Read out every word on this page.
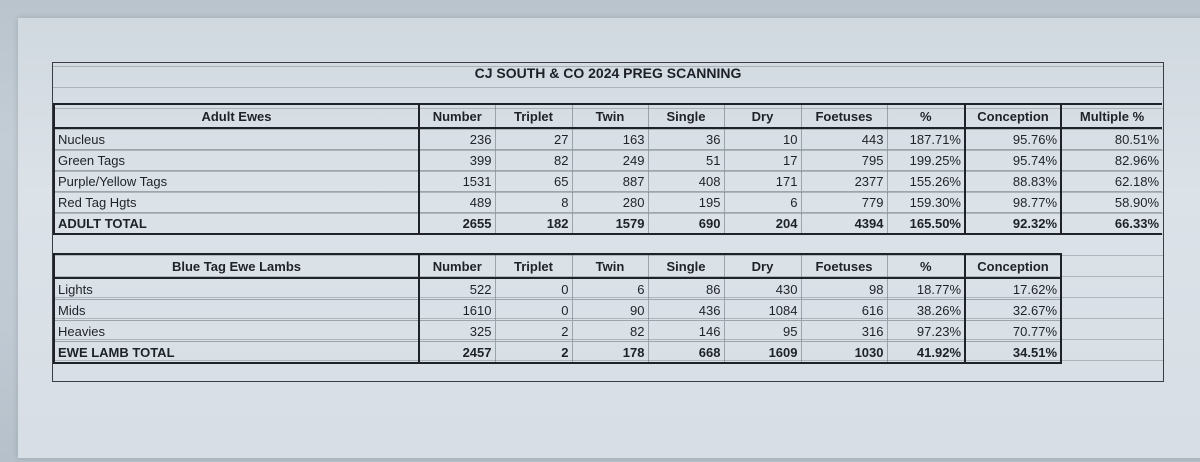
CJ SOUTH & CO 2024 PREG SCANNING
Adult Ewes	Number	Triplet	Twin	Single	Dry	Foetuses	%	Conception	Multiple %
Nucleus	236	27	163	36	10	443	187.71%	95.76%	80.51%
Green Tags	399	82	249	51	17	795	199.25%	95.74%	82.96%
Purple/Yellow Tags	1531	65	887	408	171	2377	155.26%	88.83%	62.18%
Red Tag Hgts	489	8	280	195	6	779	159.30%	98.77%	58.90%
ADULT TOTAL	2655	182	1579	690	204	4394	165.50%	92.32%	66.33%
Blue Tag Ewe Lambs	Number	Triplet	Twin	Single	Dry	Foetuses	%	Conception
Lights	522	0	6	86	430	98	18.77%	17.62%
Mids	1610	0	90	436	1084	616	38.26%	32.67%
Heavies	325	2	82	146	95	316	97.23%	70.77%
EWE LAMB TOTAL	2457	2	178	668	1609	1030	41.92%	34.51%
